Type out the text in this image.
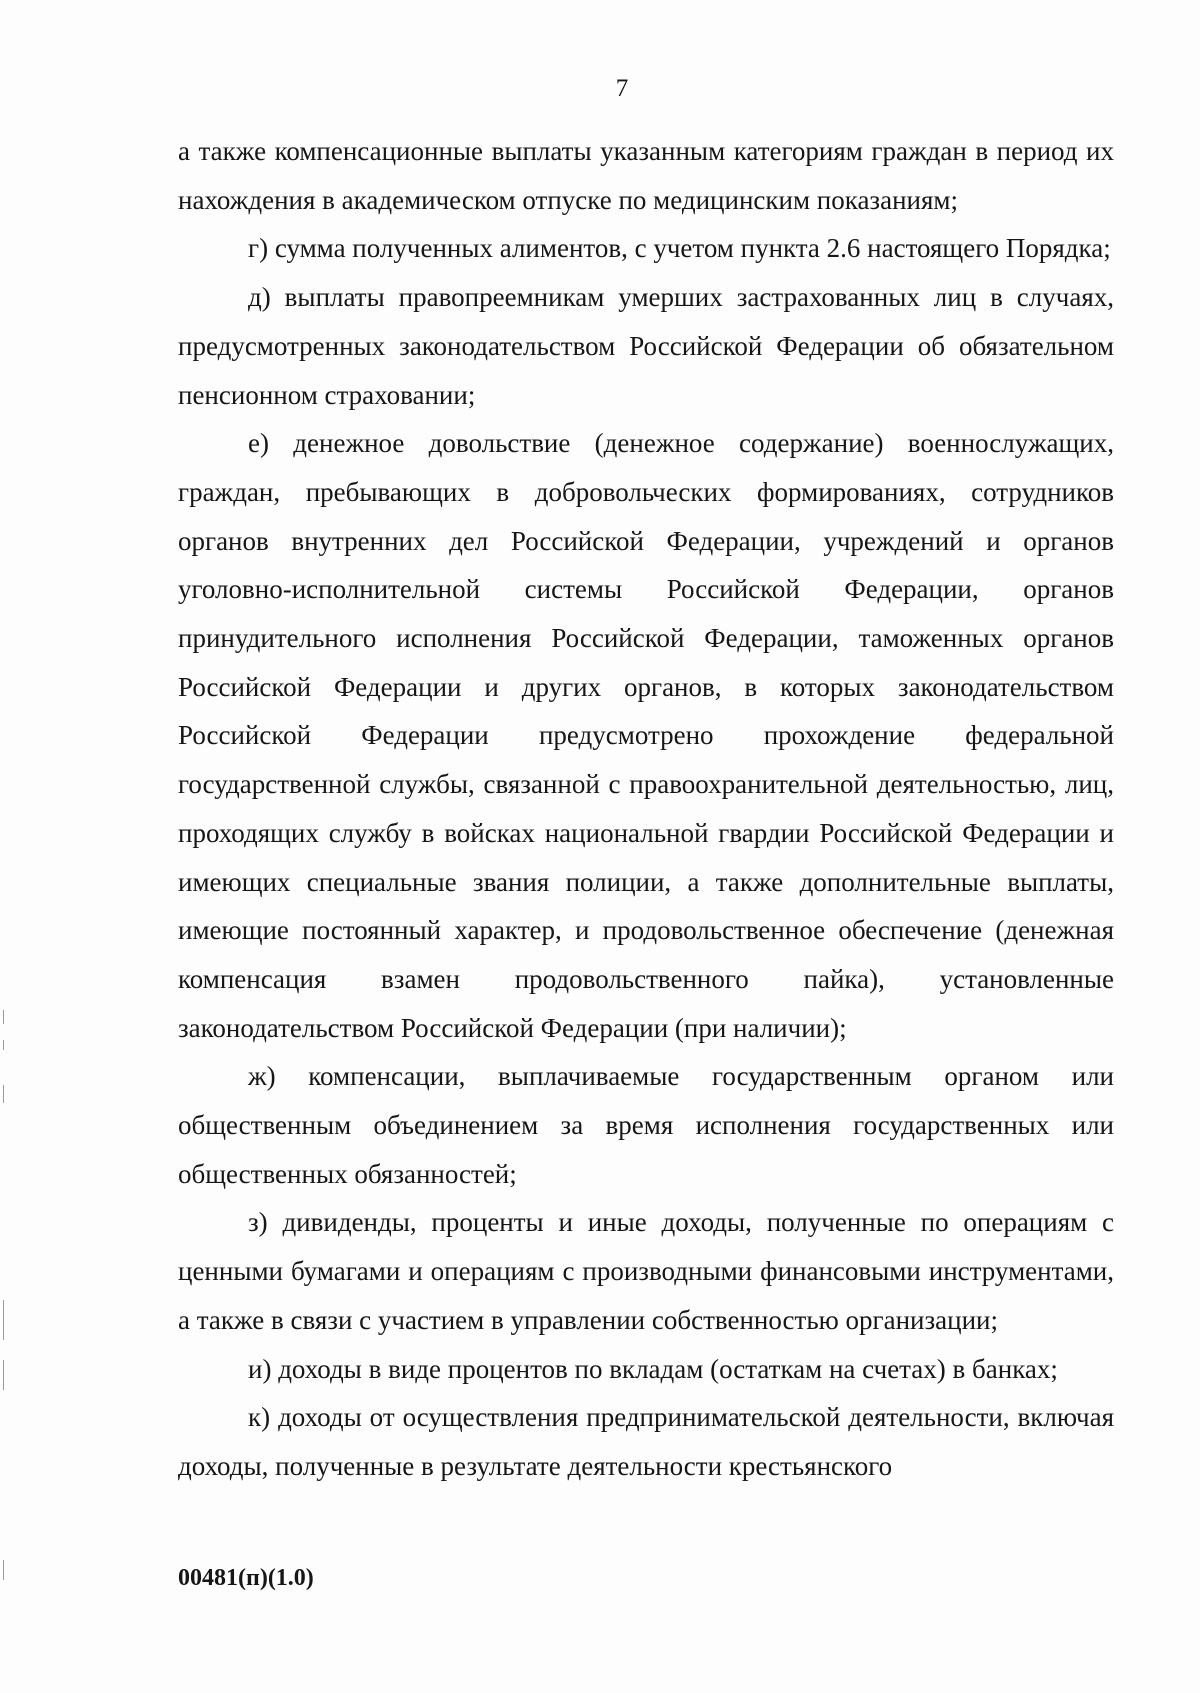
7

а также компенсационные выплаты указанным категориям граждан в период их нахождения в академическом отпуске по медицинским показаниям;

г) сумма полученных алиментов, с учетом пункта 2.6 настоящего Порядка;

д) выплаты правопреемникам умерших застрахованных лиц в случаях, предусмотренных законодательством Российской Федерации об обязательном пенсионном страховании;

е) денежное довольствие (денежное содержание) военнослужащих, граждан, пребывающих в добровольческих формированиях, сотрудников органов внутренних дел Российской Федерации, учреждений и органов уголовно-исполнительной системы Российской Федерации, органов принудительного исполнения Российской Федерации, таможенных органов Российской Федерации и других органов, в которых законодательством Российской Федерации предусмотрено прохождение федеральной государственной службы, связанной с правоохранительной деятельностью, лиц, проходящих службу в войсках национальной гвардии Российской Федерации и имеющих специальные звания полиции, а также дополнительные выплаты, имеющие постоянный характер, и продовольственное обеспечение (денежная компенсация взамен продовольственного пайка), установленные законодательством Российской Федерации (при наличии);

ж) компенсации, выплачиваемые государственным органом или общественным объединением за время исполнения государственных или общественных обязанностей;

з) дивиденды, проценты и иные доходы, полученные по операциям с ценными бумагами и операциям с производными финансовыми инструментами, а также в связи с участием в управлении собственностью организации;

и) доходы в виде процентов по вкладам (остаткам на счетах) в банках;

к) доходы от осуществления предпринимательской деятельности, включая доходы, полученные в результате деятельности крестьянского

00481(п)(1.0)
